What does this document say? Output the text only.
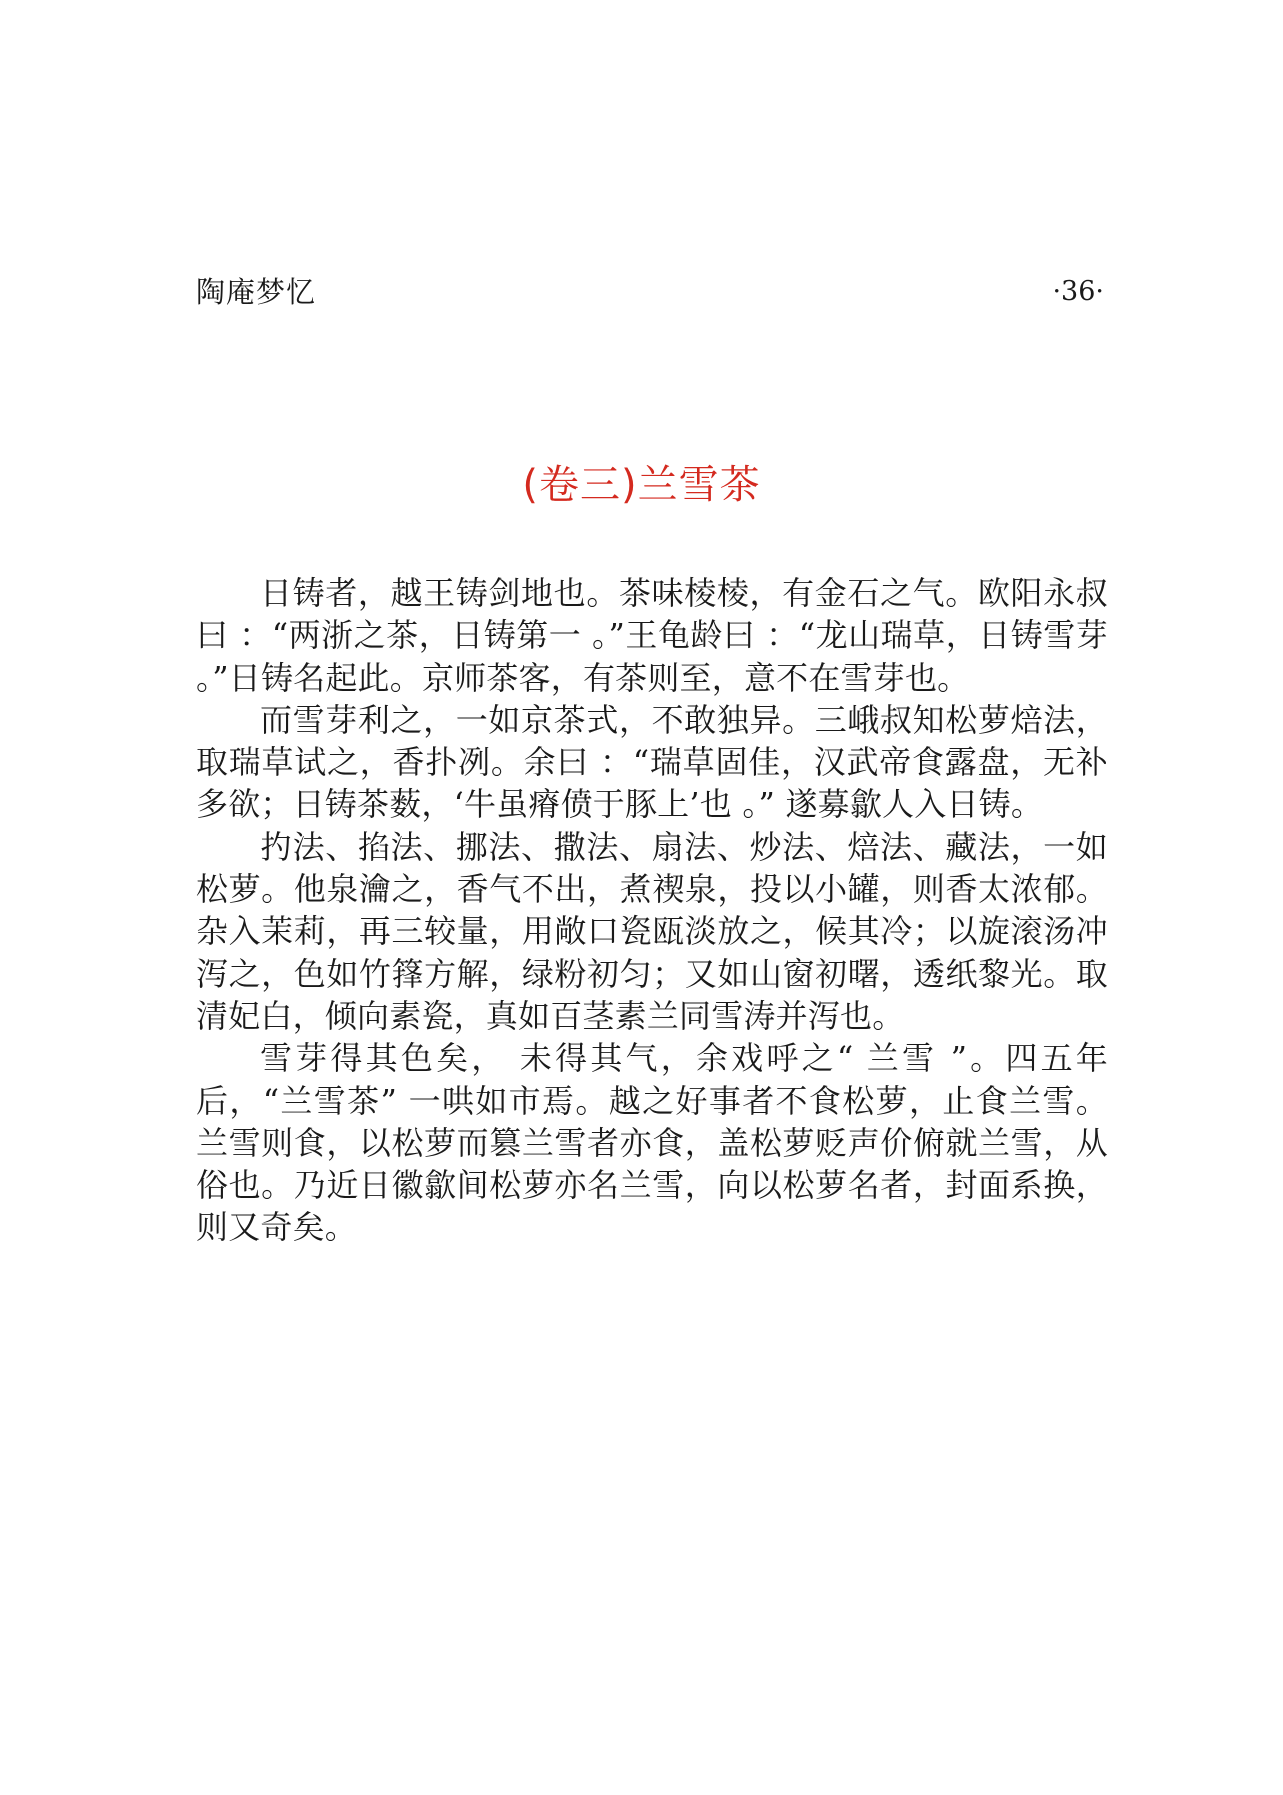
陶庵梦忆	·36·
(卷三)兰雪茶

日铸者，越王铸剑地也。茶味棱棱，有金石之气。欧阳永叔曰 ：“两浙之茶，日铸第一 。”王龟龄曰 ：“龙山瑞草，日铸雪芽 。”日铸名起此。京师茶客，有茶则至，意不在雪芽也。

而雪芽利之，一如京茶式，不敢独异。三峨叔知松萝焙法，取瑞草试之，香扑冽。余曰 ：“瑞草固佳，汉武帝食露盘，无补多欲；日铸茶薮，‘牛虽瘠偾于豚上’也 。” 遂募歙人入日铸。

扚法、掐法、挪法、撒法、扇法、炒法、焙法、藏法，一如松萝。他泉瀹之，香气不出，煮禊泉，投以小罐，则香太浓郁。杂入茉莉，再三较量，用敞口瓷瓯淡放之，候其冷；以旋滚汤冲泻之，色如竹箨方解，绿粉初匀；又如山窗初曙，透纸黎光。取清妃白，倾向素瓷，真如百茎素兰同雪涛并泻也。

雪芽得其色矣， 未得其气，余戏呼之“ 兰雪 ”。四五年后，“兰雪茶” 一哄如市焉。越之好事者不食松萝，止食兰雪。兰雪则食，以松萝而篡兰雪者亦食，盖松萝贬声价俯就兰雪，从俗也。乃近日徽歙间松萝亦名兰雪，向以松萝名者，封面系换，则又奇矣。
